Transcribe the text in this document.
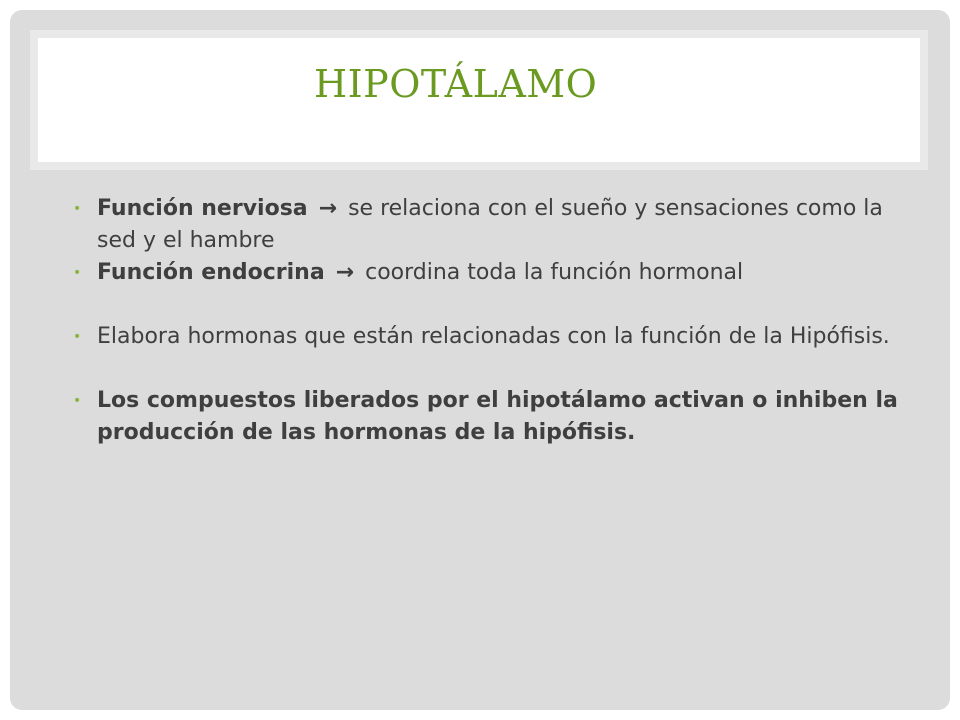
HIPOTÁLAMO
• Función nerviosa → se relaciona con el sueño y sensaciones como la sed y el hambre
• Función endocrina → coordina toda la función hormonal
• Elabora hormonas que están relacionadas con la función de la Hipófisis.
• Los compuestos liberados por el hipotálamo activan o inhiben la producción de las hormonas de la hipófisis.
